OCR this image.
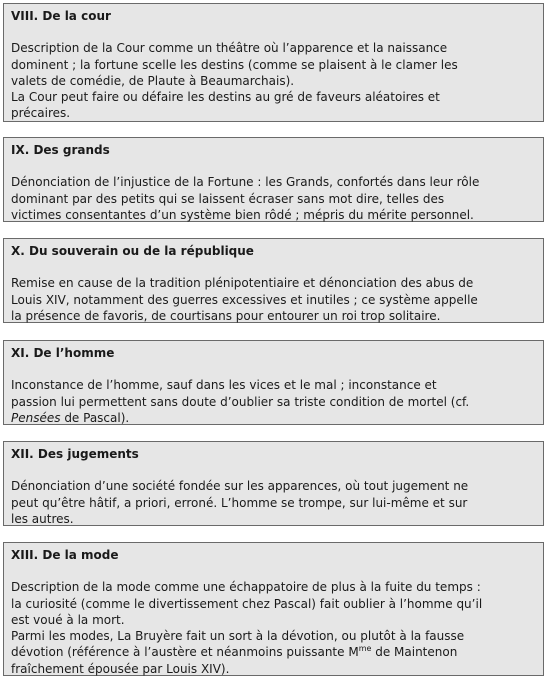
VIII. De la cour
Description de la Cour comme un théâtre où l’apparence et la naissance
dominent ; la fortune scelle les destins (comme se plaisent à le clamer les
valets de comédie, de Plaute à Beaumarchais).
La Cour peut faire ou défaire les destins au gré de faveurs aléatoires et
précaires.
IX. Des grands
Dénonciation de l’injustice de la Fortune : les Grands, confortés dans leur rôle
dominant par des petits qui se laissent écraser sans mot dire, telles des
victimes consentantes d’un système bien rôdé ; mépris du mérite personnel.
X. Du souverain ou de la république
Remise en cause de la tradition plénipotentiaire et dénonciation des abus de
Louis XIV, notamment des guerres excessives et inutiles ; ce système appelle
la présence de favoris, de courtisans pour entourer un roi trop solitaire.
XI. De l’homme
Inconstance de l’homme, sauf dans les vices et le mal ; inconstance et
passion lui permettent sans doute d’oublier sa triste condition de mortel (cf.
Pensées de Pascal).
XII. Des jugements
Dénonciation d’une société fondée sur les apparences, où tout jugement ne
peut qu’être hâtif, a priori, erroné. L’homme se trompe, sur lui-même et sur
les autres.
XIII. De la mode
Description de la mode comme une échappatoire de plus à la fuite du temps :
la curiosité (comme le divertissement chez Pascal) fait oublier à l’homme qu’il
est voué à la mort.
Parmi les modes, La Bruyère fait un sort à la dévotion, ou plutôt à la fausse
dévotion (référence à l’austère et néanmoins puissante $M^{me}$ de Maintenon
fraîchement épousée par Louis XIV).
